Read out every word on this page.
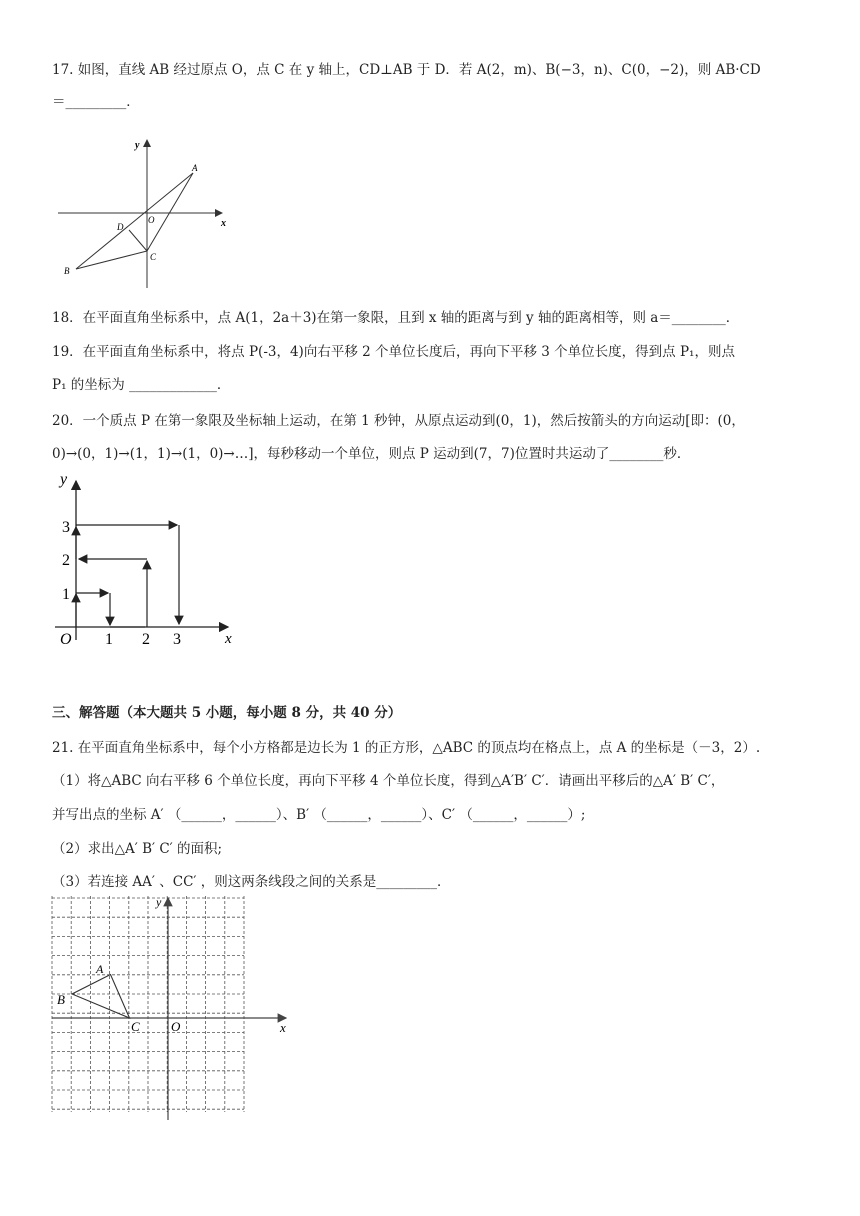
17. 如图，直线 AB 经过原点 O，点 C 在 y 轴上，CD⊥AB 于 D．若 A(2，m)、B(−3，n)、C(0，−2)，则 AB·CD
＝_________．
y
x
A
O
D
C
B
18．在平面直角坐标系中，点 A(1，2a＋3)在第一象限，且到 x 轴的距离与到 y 轴的距离相等，则 a＝________．
19．在平面直角坐标系中，将点 P(-3，4)向右平移 2 个单位长度后，再向下平移 3 个单位长度，得到点 P₁，则点
P₁ 的坐标为 _____________．
20．一个质点 P 在第一象限及坐标轴上运动，在第 1 秒钟，从原点运动到(0，1)，然后按箭头的方向运动[即：(0，
0)→(0，1)→(1，1)→(1，0)→…]，每秒移动一个单位，则点 P 运动到(7，7)位置时共运动了________秒．
y
x
O 1 2 3
1
2
3
三、解答题（本大题共 5 小题，每小题 8 分，共 40 分）
21. 在平面直角坐标系中，每个小方格都是边长为 1 的正方形，△ABC 的顶点均在格点上，点 A 的坐标是（－3，2）.
（1）将△ABC 向右平移 6 个单位长度，再向下平移 4 个单位长度，得到△A′B′ C′．请画出平移后的△A′ B′ C′，
并写出点的坐标 A′ （______，______）、B′ （______，______）、C′ （______，______）;
（2）求出△A′ B′ C′ 的面积;
（3）若连接 AA′ 、CC′ ，则这两条线段之间的关系是_________．
y
x
O
A
B
C
